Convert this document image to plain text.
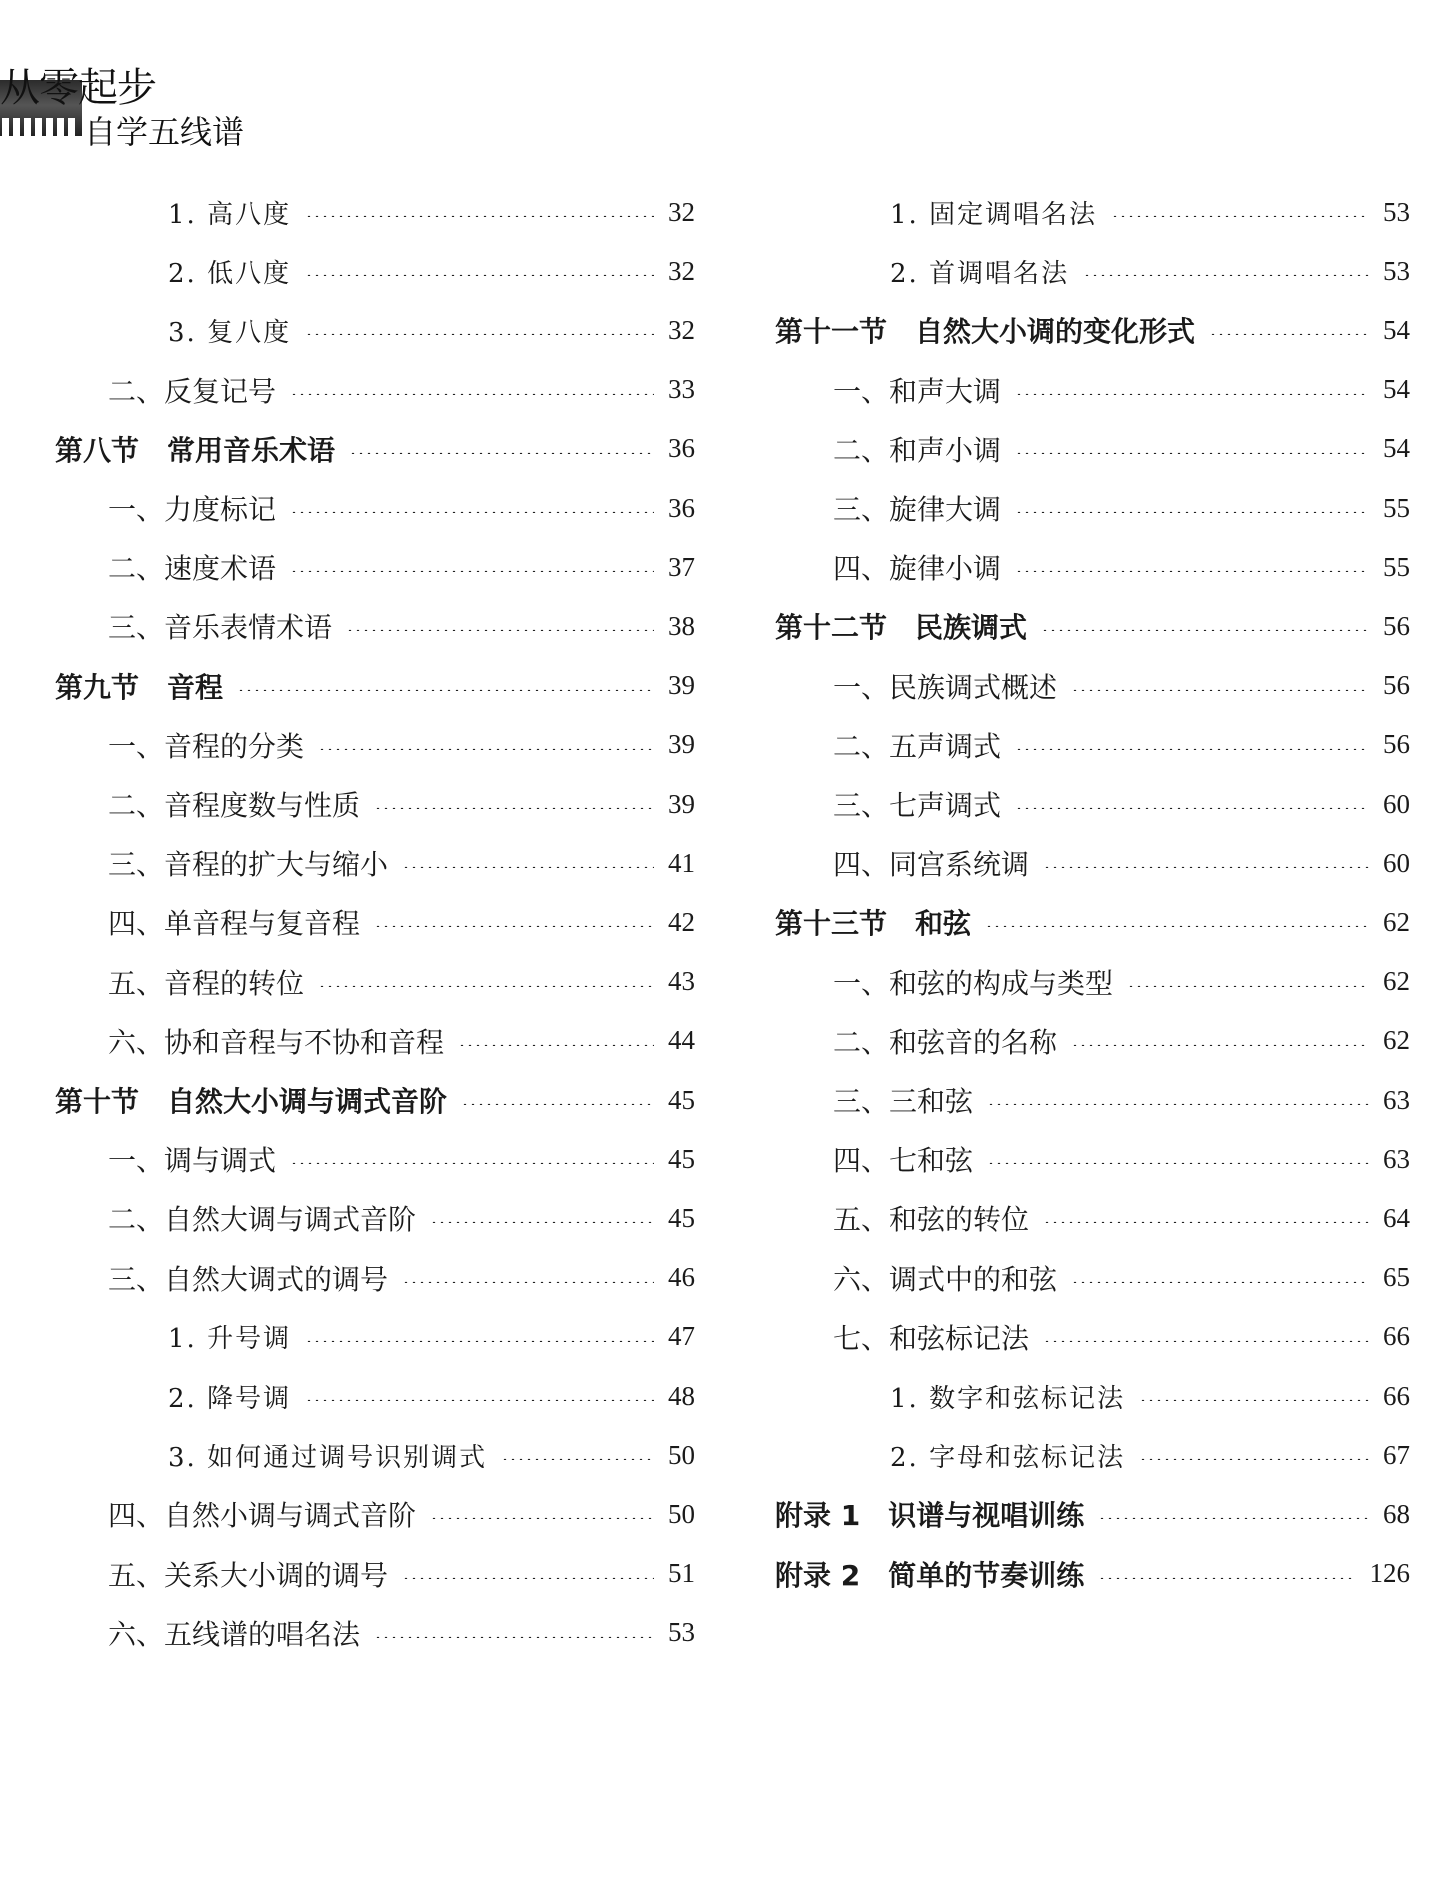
从零起步
自学五线谱
1. 高八度	32
2. 低八度	32
3. 复八度	32
二、反复记号	33
第八节　常用音乐术语	36
一、力度标记	36
二、速度术语	37
三、音乐表情术语	38
第九节　音程	39
一、音程的分类	39
二、音程度数与性质	39
三、音程的扩大与缩小	41
四、单音程与复音程	42
五、音程的转位	43
六、协和音程与不协和音程	44
第十节　自然大小调与调式音阶	45
一、调与调式	45
二、自然大调与调式音阶	45
三、自然大调式的调号	46
1. 升号调	47
2. 降号调	48
3. 如何通过调号识别调式	50
四、自然小调与调式音阶	50
五、关系大小调的调号	51
六、五线谱的唱名法	53
1. 固定调唱名法	53
2. 首调唱名法	53
第十一节　自然大小调的变化形式	54
一、和声大调	54
二、和声小调	54
三、旋律大调	55
四、旋律小调	55
第十二节　民族调式	56
一、民族调式概述	56
二、五声调式	56
三、七声调式	60
四、同宫系统调	60
第十三节　和弦	62
一、和弦的构成与类型	62
二、和弦音的名称	62
三、三和弦	63
四、七和弦	63
五、和弦的转位	64
六、调式中的和弦	65
七、和弦标记法	66
1. 数字和弦标记法	66
2. 字母和弦标记法	67
附录 1　识谱与视唱训练	68
附录 2　简单的节奏训练	126
